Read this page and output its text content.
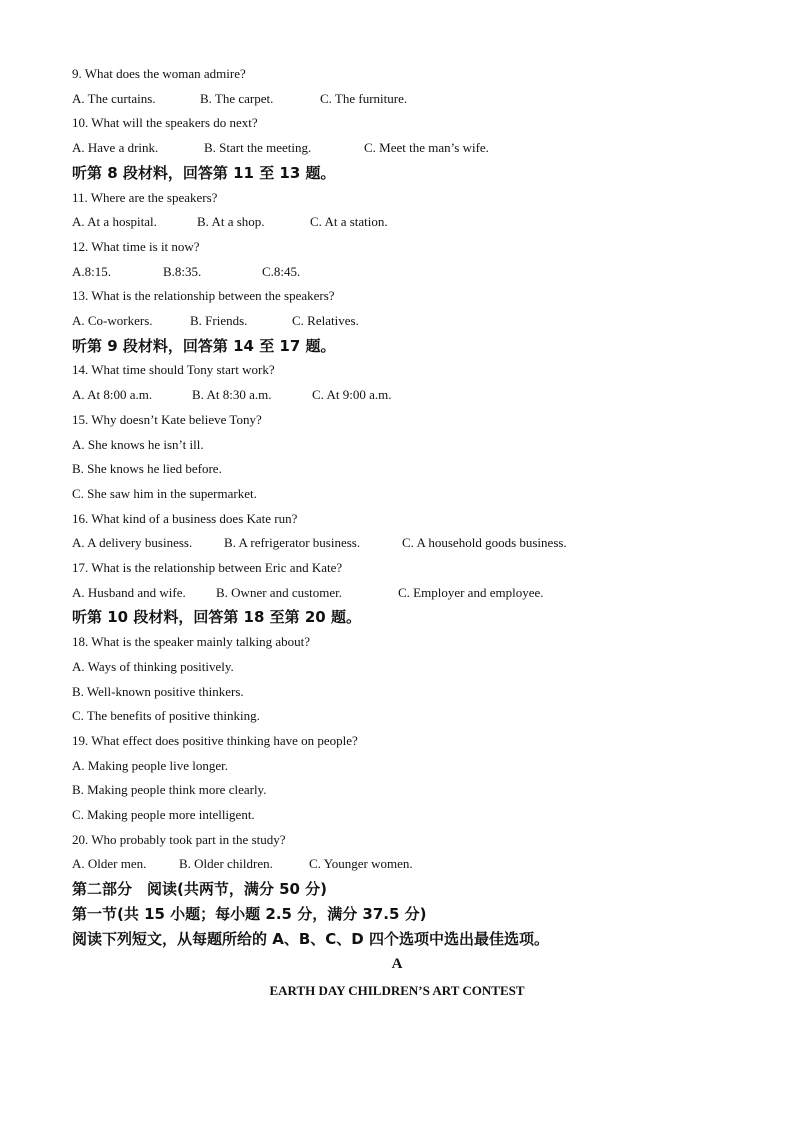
9. What does the woman admire?
A. The curtains.	B. The carpet.	C. The furniture.
10. What will the speakers do next?
A. Have a drink.	B. Start the meeting.	C. Meet the man’s wife.
听第 8 段材料，回答第 11 至 13 题。
11. Where are the speakers?
A. At a hospital.	B. At a shop.	C. At a station.
12. What time is it now?
A.8:15.	B.8:35.	C.8:45.
13. What is the relationship between the speakers?
A. Co-workers.	B. Friends.	C. Relatives.
听第 9 段材料，回答第 14 至 17 题。
14. What time should Tony start work?
A. At 8:00 a.m.	B. At 8:30 a.m.	C. At 9:00 a.m.
15. Why doesn’t Kate believe Tony?
A. She knows he isn’t ill.
B. She knows he lied before.
C. She saw him in the supermarket.
16. What kind of a business does Kate run?
A. A delivery business. B. A refrigerator business.	C. A household goods business.
17. What is the relationship between Eric and Kate?
A. Husband and wife. B. Owner and customer.	C. Employer and employee.
听第 10 段材料，回答第 18 至第 20 题。
18. What is the speaker mainly talking about?
A. Ways of thinking positively.
B. Well-known positive thinkers.
C. The benefits of positive thinking.
19. What effect does positive thinking have on people?
A. Making people live longer.
B. Making people think more clearly.
C. Making people more intelligent.
20. Who probably took part in the study?
A. Older men.	B. Older children.	C. Younger women.
第二部分　阅读(共两节，满分 50 分)
第一节(共 15 小题；每小题 2.5 分，满分 37.5 分)
阅读下列短文，从每题所给的 A、B、C、D 四个选项中选出最佳选项。
A
EARTH DAY CHILDREN’S ART CONTEST
